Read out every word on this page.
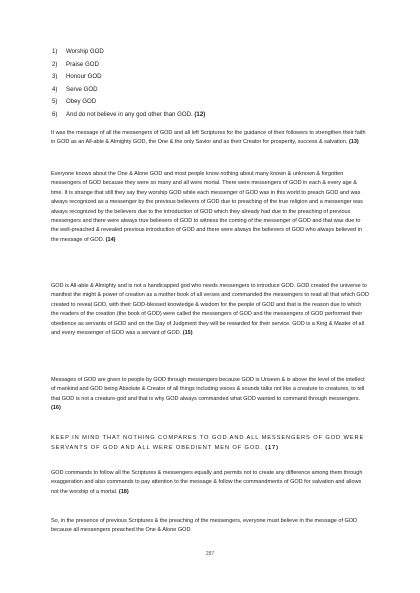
1) Worship GOD
2) Praise GOD
3) Honour GOD
4) Serve GOD
5) Obey GOD
6) And do not believe in any god other than GOD. (12)

It was the message of all the messengers of GOD and all left Scriptures for the guidance of their followers to strengthen their faith in GOD as an All-able & Almighty GOD, the One & the only Savior and as their Creator for prosperity, success & salvation. (13)

Everyone knows about the One & Alone GOD and most people know nothing about many known & unknown & forgotten messengers of GOD because they were so many and all were mortal. There were messengers of GOD in each & every age & time. It is strange that still they say they worship GOD while each messenger of GOD was in this world to preach GOD and was always recognized as a messenger by the previous believers of GOD due to preaching of the true religion and a messenger was always recognized by the believers due to the introduction of GOD which they already had due to the preaching of previous messengers and there were always true believers of GOD to witness the coming of the messenger of GOD and that was due to the well-preached & revealed previous introduction of GOD and there were always the believers of GOD who always believed in the message of GOD. (14)

GOD is All-able & Almighty and is not a handicapped god who needs messengers to introduce GOD. GOD created the universe to manifest the might & power of creation as a mother book of all verses and commanded the messengers to read all that which GOD created to reveal GOD, with their GOD-blessed knowledge & wisdom for the people of GOD and that is the reason due to which the readers of the creation (the book of GOD) were called the messengers of GOD and the messengers of GOD performed their obedience as servants of GOD and on the Day of Judgment they will be rewarded for their service. GOD is a King & Master of all and every messenger of GOD was a servant of GOD. (15)

Messages of GOD are given to people by GOD through messengers because GOD is Unseen & is above the level of the intellect of mankind and GOD being Absolute & Creator of all things including voices & sounds talks not like a creature to creatures, to tell that GOD is not a creature-god and that is why GOD always commanded what GOD wanted to command through messengers. (16)

KEEP IN MIND THAT NOTHING COMPARES TO GOD AND ALL MESSENGERS OF GOD WERE SERVANTS OF GOD AND ALL WERE OBEDIENT MEN OF GOD. (17)

GOD commands to follow all the Scriptures & messengers equally and permits not to create any difference among them through exaggeration and also commands to pay attention to the message & follow the commandments of GOD for salvation and allows not the worship of a mortal. (18)

So, in the presence of previous Scriptures & the preaching of the messengers, everyone must believe in the message of GOD because all messengers preached the One & Alone GOD

287
